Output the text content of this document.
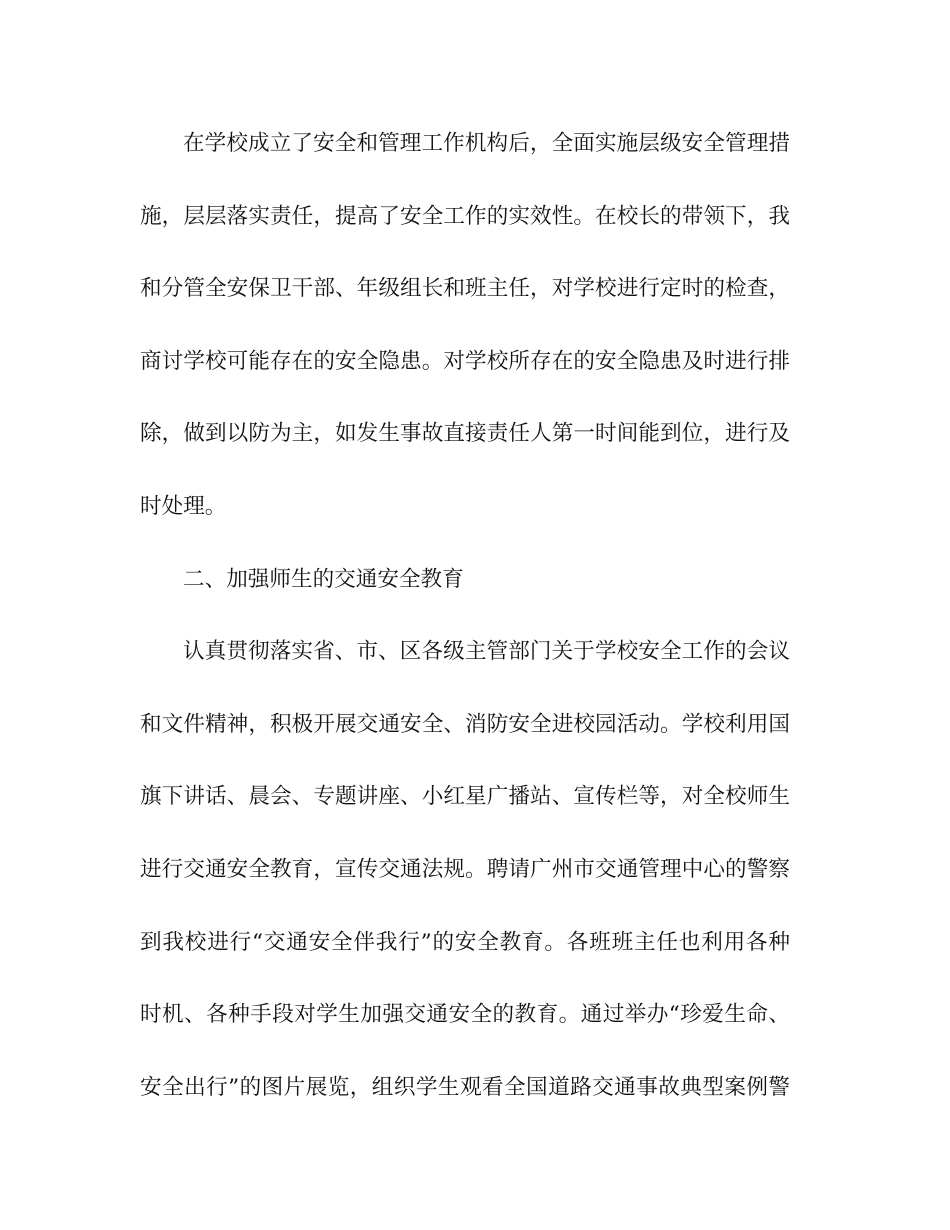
在学校成立了安全和管理工作机构后，全面实施层级安全管理措
施，层层落实责任，提高了安全工作的实效性。在校长的带领下，我
和分管全安保卫干部、年级组长和班主任，对学校进行定时的检查，
商讨学校可能存在的安全隐患。对学校所存在的安全隐患及时进行排
除，做到以防为主，如发生事故直接责任人第一时间能到位，进行及
时处理。
二、加强师生的交通安全教育
认真贯彻落实省、市、区各级主管部门关于学校安全工作的会议
和文件精神，积极开展交通安全、消防安全进校园活动。学校利用国
旗下讲话、晨会、专题讲座、小红星广播站、宣传栏等，对全校师生
进行交通安全教育，宣传交通法规。聘请广州市交通管理中心的警察
到我校进行“交通安全伴我行”的安全教育。各班班主任也利用各种
时机、各种手段对学生加强交通安全的教育。通过举办“珍爱生命、
安全出行”的图片展览，组织学生观看全国道路交通事故典型案例警
